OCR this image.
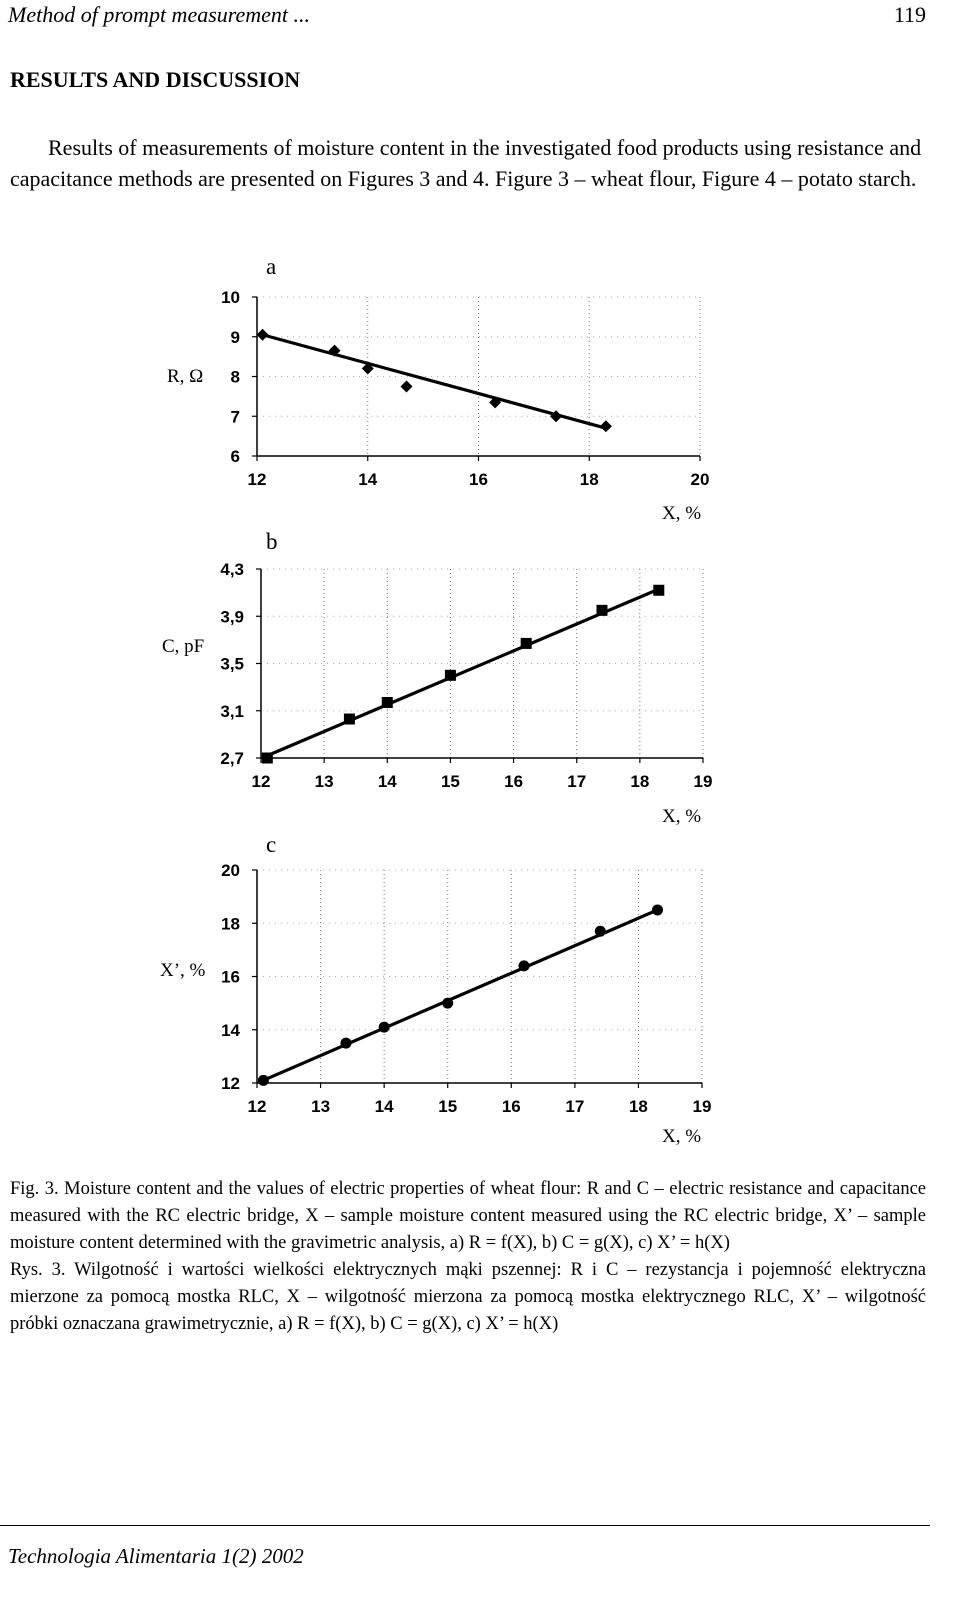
Method of prompt measurement ...	119
RESULTS AND DISCUSSION

Results of measurements of moisture content in the investigated food products using resistance and capacitance methods are presented on Figures 3 and 4. Figure 3 – wheat flour, Figure 4 – potato starch.

a
R, Ω
12	14	16	18	20
6
7
8
9
10
X, %
b
C, pF
12	13	14	15	16	17	18	19
2,7
3,1
3,5
3,9
4,3
X, %
c
X’, %
12	13	14	15	16	17	18	19
12
14
16
18
20
X, %

Fig. 3. Moisture content and the values of electric properties of wheat flour: R and C – electric resistance and capacitance measured with the RC electric bridge, X – sample moisture content measured using the RC electric bridge, X’ – sample moisture content determined with the gravimetric analysis, a) R = f(X), b) C = g(X), c) X’ = h(X)

Rys. 3. Wilgotność i wartości wielkości elektrycznych mąki pszennej: R i C – rezystancja i pojemność elektryczna mierzone za pomocą mostka RLC, X – wilgotność mierzona za pomocą mostka elektrycznego RLC, X’ – wilgotność próbki oznaczana grawimetrycznie, a) R = f(X), b) C = g(X), c) X’ = h(X)

Technologia Alimentaria 1(2) 2002
